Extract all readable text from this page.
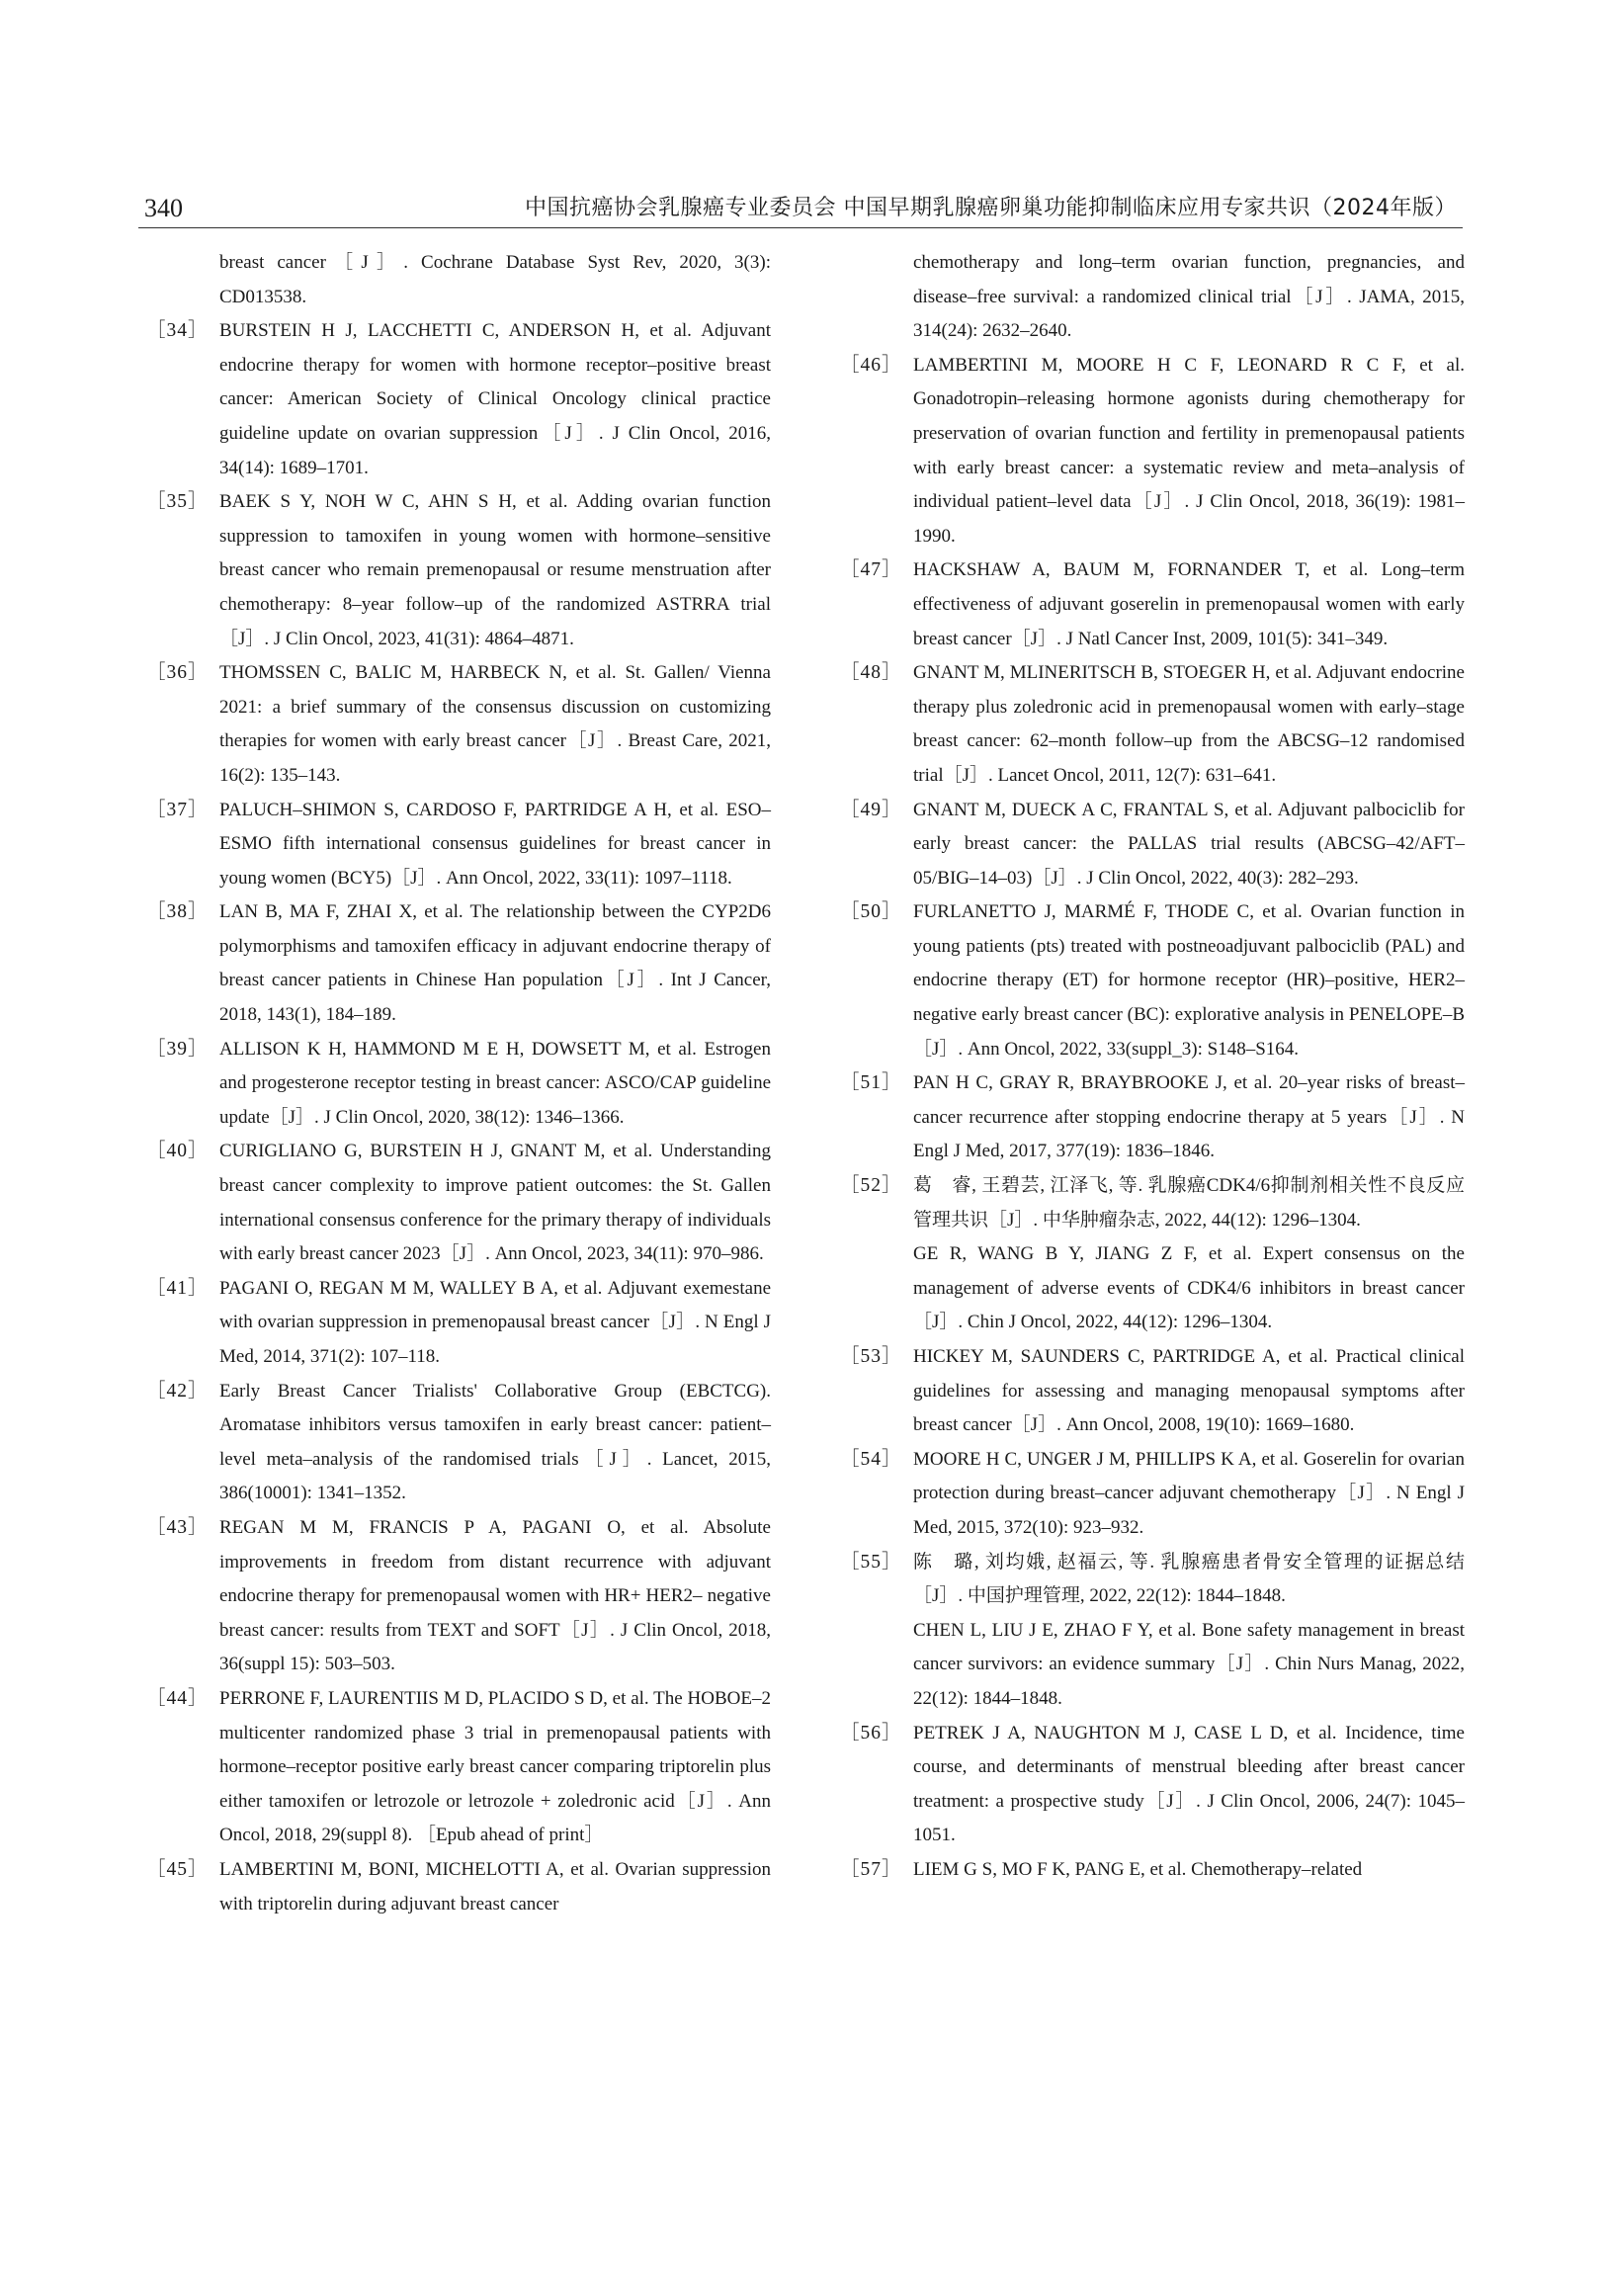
340	中国抗癌协会乳腺癌专业委员会 中国早期乳腺癌卵巢功能抑制临床应用专家共识（2024年版）
breast cancer［J］. Cochrane Database Syst Rev, 2020, 3(3): CD013538.
［34］ BURSTEIN H J, LACCHETTI C, ANDERSON H, et al. Adjuvant endocrine therapy for women with hormone receptor–positive breast cancer: American Society of Clinical Oncology clinical practice guideline update on ovarian suppression［J］. J Clin Oncol, 2016, 34(14): 1689–1701.
［35］ BAEK S Y, NOH W C, AHN S H, et al. Adding ovarian function suppression to tamoxifen in young women with hormone–sensitive breast cancer who remain premenopausal or resume menstruation after chemotherapy: 8–year follow–up of the randomized ASTRRA trial［J］. J Clin Oncol, 2023, 41(31): 4864–4871.
［36］ THOMSSEN C, BALIC M, HARBECK N, et al. St. Gallen/ Vienna 2021: a brief summary of the consensus discussion on customizing therapies for women with early breast cancer［J］. Breast Care, 2021, 16(2): 135–143.
［37］ PALUCH–SHIMON S, CARDOSO F, PARTRIDGE A H, et al. ESO–ESMO fifth international consensus guidelines for breast cancer in young women (BCY5)［J］. Ann Oncol, 2022, 33(11): 1097–1118.
［38］ LAN B, MA F, ZHAI X, et al. The relationship between the CYP2D6 polymorphisms and tamoxifen efficacy in adjuvant endocrine therapy of breast cancer patients in Chinese Han population［J］. Int J Cancer, 2018, 143(1), 184–189.
［39］ ALLISON K H, HAMMOND M E H, DOWSETT M, et al. Estrogen and progesterone receptor testing in breast cancer: ASCO/CAP guideline update［J］. J Clin Oncol, 2020, 38(12): 1346–1366.
［40］ CURIGLIANO G, BURSTEIN H J, GNANT M, et al. Understanding breast cancer complexity to improve patient outcomes: the St. Gallen international consensus conference for the primary therapy of individuals with early breast cancer 2023［J］. Ann Oncol, 2023, 34(11): 970–986.
［41］ PAGANI O, REGAN M M, WALLEY B A, et al. Adjuvant exemestane with ovarian suppression in premenopausal breast cancer［J］. N Engl J Med, 2014, 371(2): 107–118.
［42］ Early Breast Cancer Trialists' Collaborative Group (EBCTCG). Aromatase inhibitors versus tamoxifen in early breast cancer: patient–level meta–analysis of the randomised trials［J］. Lancet, 2015, 386(10001): 1341–1352.
［43］ REGAN M M, FRANCIS P A, PAGANI O, et al. Absolute improvements in freedom from distant recurrence with adjuvant endocrine therapy for premenopausal women with HR+ HER2– negative breast cancer: results from TEXT and SOFT［J］. J Clin Oncol, 2018, 36(suppl 15): 503–503.
［44］ PERRONE F, LAURENTIIS M D, PLACIDO S D, et al. The HOBOE–2 multicenter randomized phase 3 trial in premenopausal patients with hormone–receptor positive early breast cancer comparing triptorelin plus either tamoxifen or letrozole or letrozole + zoledronic acid［J］. Ann Oncol, 2018, 29(suppl 8). ［Epub ahead of print］
［45］ LAMBERTINI M, BONI, MICHELOTTI A, et al. Ovarian suppression with triptorelin during adjuvant breast cancer
chemotherapy and long–term ovarian function, pregnancies, and disease–free survival: a randomized clinical trial［J］. JAMA, 2015, 314(24): 2632–2640.
［46］ LAMBERTINI M, MOORE H C F, LEONARD R C F, et al. Gonadotropin–releasing hormone agonists during chemotherapy for preservation of ovarian function and fertility in premenopausal patients with early breast cancer: a systematic review and meta–analysis of individual patient–level data［J］. J Clin Oncol, 2018, 36(19): 1981–1990.
［47］ HACKSHAW A, BAUM M, FORNANDER T, et al. Long–term effectiveness of adjuvant goserelin in premenopausal women with early breast cancer［J］. J Natl Cancer Inst, 2009, 101(5): 341–349.
［48］ GNANT M, MLINERITSCH B, STOEGER H, et al. Adjuvant endocrine therapy plus zoledronic acid in premenopausal women with early–stage breast cancer: 62–month follow–up from the ABCSG–12 randomised trial［J］. Lancet Oncol, 2011, 12(7): 631–641.
［49］ GNANT M, DUECK A C, FRANTAL S, et al. Adjuvant palbociclib for early breast cancer: the PALLAS trial results (ABCSG–42/AFT–05/BIG–14–03)［J］. J Clin Oncol, 2022, 40(3): 282–293.
［50］ FURLANETTO J, MARMÉ F, THODE C, et al. Ovarian function in young patients (pts) treated with postneoadjuvant palbociclib (PAL) and endocrine therapy (ET) for hormone receptor (HR)–positive, HER2–negative early breast cancer (BC): explorative analysis in PENELOPE–B［J］. Ann Oncol, 2022, 33(suppl_3): S148–S164.
［51］ PAN H C, GRAY R, BRAYBROOKE J, et al. 20–year risks of breast–cancer recurrence after stopping endocrine therapy at 5 years［J］. N Engl J Med, 2017, 377(19): 1836–1846.
［52］ 葛　睿, 王碧芸, 江泽飞, 等. 乳腺癌CDK4/6抑制剂相关性不良反应管理共识［J］. 中华肿瘤杂志, 2022, 44(12): 1296–1304.
GE R, WANG B Y, JIANG Z F, et al. Expert consensus on the management of adverse events of CDK4/6 inhibitors in breast cancer［J］. Chin J Oncol, 2022, 44(12): 1296–1304.
［53］ HICKEY M, SAUNDERS C, PARTRIDGE A, et al. Practical clinical guidelines for assessing and managing menopausal symptoms after breast cancer［J］. Ann Oncol, 2008, 19(10): 1669–1680.
［54］ MOORE H C, UNGER J M, PHILLIPS K A, et al. Goserelin for ovarian protection during breast–cancer adjuvant chemotherapy［J］. N Engl J Med, 2015, 372(10): 923–932.
［55］ 陈　璐, 刘均娥, 赵福云, 等. 乳腺癌患者骨安全管理的证据总结［J］. 中国护理管理, 2022, 22(12): 1844–1848.
CHEN L, LIU J E, ZHAO F Y, et al. Bone safety management in breast cancer survivors: an evidence summary［J］. Chin Nurs Manag, 2022, 22(12): 1844–1848.
［56］ PETREK J A, NAUGHTON M J, CASE L D, et al. Incidence, time course, and determinants of menstrual bleeding after breast cancer treatment: a prospective study［J］. J Clin Oncol, 2006, 24(7): 1045–1051.
［57］ LIEM G S, MO F K, PANG E, et al. Chemotherapy–related
